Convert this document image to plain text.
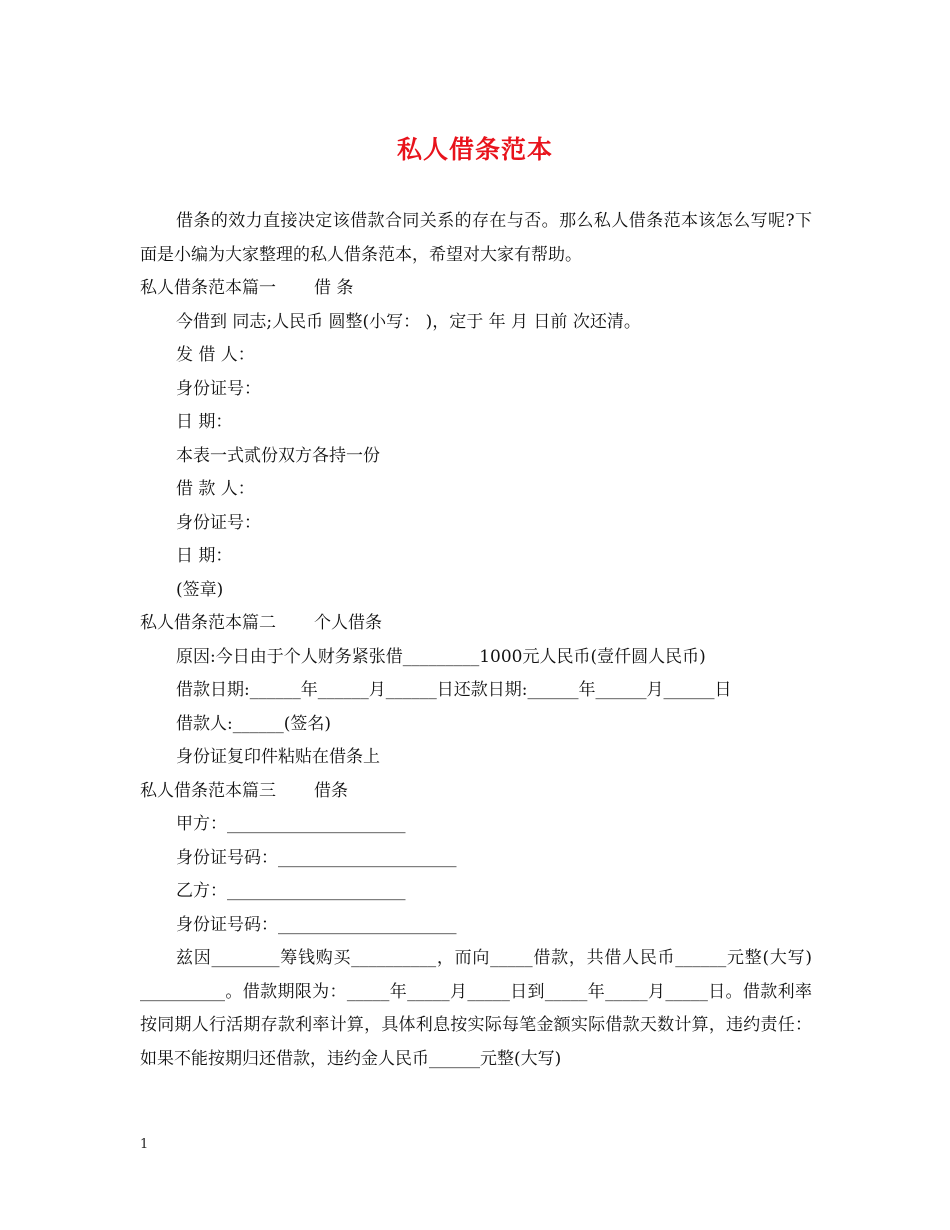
私人借条范本

借条的效力直接决定该借款合同关系的存在与否。那么私人借条范本该怎么写呢?下面是小编为大家整理的私人借条范本，希望对大家有帮助。

私人借条范本篇一 借 条

今借到 同志;人民币 圆整(小写： )，定于 年 月 日前 次还清。

发 借 人：

身份证号：

日 期：

本表一式贰份双方各持一份

借 款 人：

身份证号：

日 期：

(签章)

私人借条范本篇二 个人借条

原因:今日由于个人财务紧张借_________1000元人民币(壹仟圆人民币)

借款日期:______年______月______日还款日期:______年______月______日

借款人:______(签名)

身份证复印件粘贴在借条上

私人借条范本篇三 借条

甲方：_____________________

身份证号码：_____________________

乙方：_____________________

身份证号码：_____________________

兹因________筹钱购买__________，而向_____借款，共借人民币______元整(大写) __________。借款期限为：_____年_____月_____日到_____年_____月_____日。借款利率按同期人行活期存款利率计算，具体利息按实际每笔金额实际借款天数计算，违约责任：如果不能按期归还借款，违约金人民币______元整(大写)

1
